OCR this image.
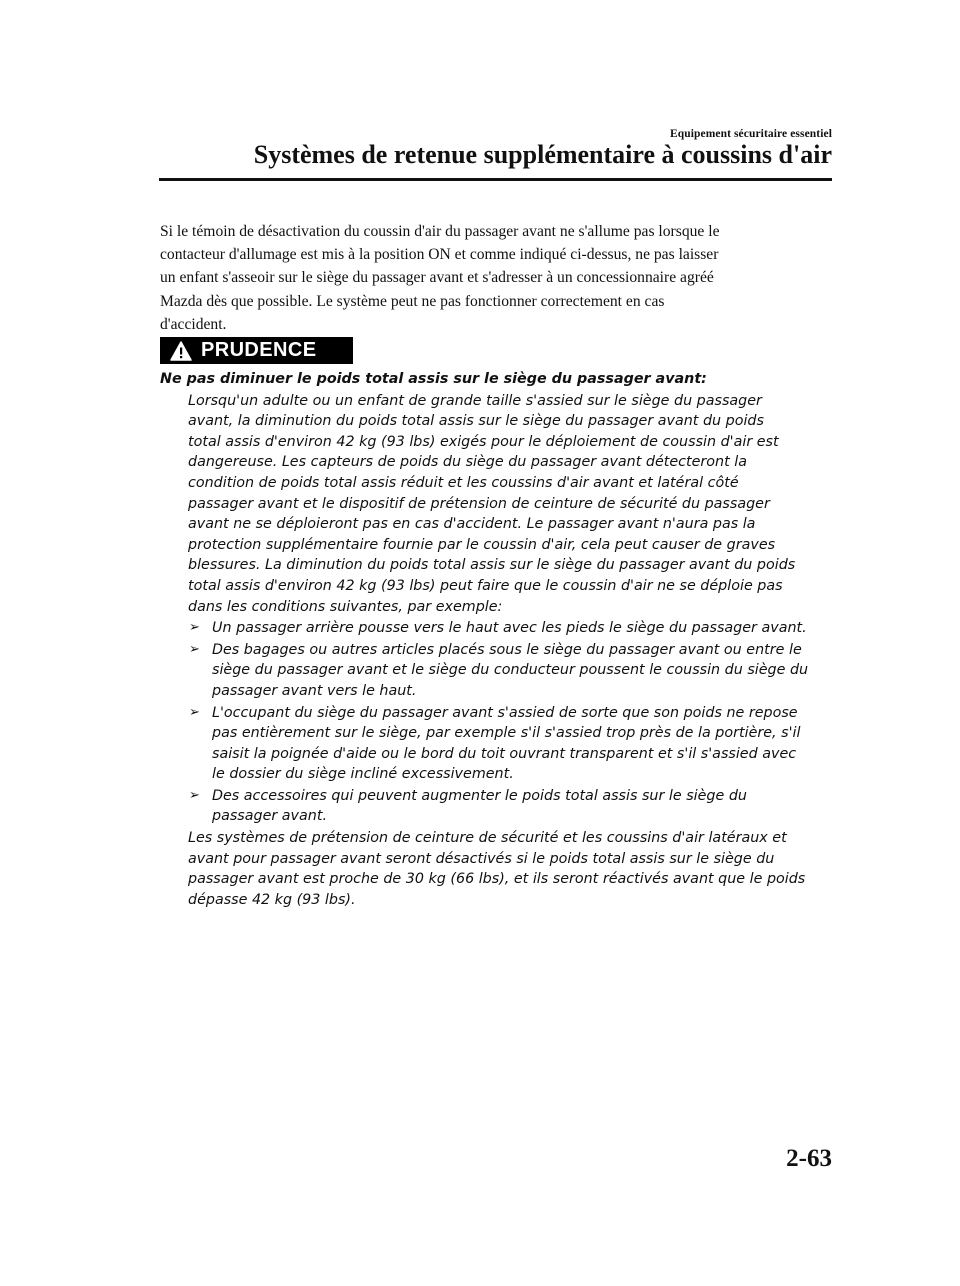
Equipement sécuritaire essentiel
Systèmes de retenue supplémentaire à coussins d'air
Si le témoin de désactivation du coussin d'air du passager avant ne s'allume pas lorsque le
contacteur d'allumage est mis à la position ON et comme indiqué ci-dessus, ne pas laisser
un enfant s'asseoir sur le siège du passager avant et s'adresser à un concessionnaire agréé
Mazda dès que possible. Le système peut ne pas fonctionner correctement en cas
d'accident.
PRUDENCE
Ne pas diminuer le poids total assis sur le siège du passager avant:
Lorsqu'un adulte ou un enfant de grande taille s'assied sur le siège du passager
avant, la diminution du poids total assis sur le siège du passager avant du poids
total assis d'environ 42 kg (93 lbs) exigés pour le déploiement de coussin d'air est
dangereuse. Les capteurs de poids du siège du passager avant détecteront la
condition de poids total assis réduit et les coussins d'air avant et latéral côté
passager avant et le dispositif de prétension de ceinture de sécurité du passager
avant ne se déploieront pas en cas d'accident. Le passager avant n'aura pas la
protection supplémentaire fournie par le coussin d'air, cela peut causer de graves
blessures. La diminution du poids total assis sur le siège du passager avant du poids
total assis d'environ 42 kg (93 lbs) peut faire que le coussin d'air ne se déploie pas
dans les conditions suivantes, par exemple:
➢ Un passager arrière pousse vers le haut avec les pieds le siège du passager avant.
➢ Des bagages ou autres articles placés sous le siège du passager avant ou entre le
siège du passager avant et le siège du conducteur poussent le coussin du siège du
passager avant vers le haut.
➢ L'occupant du siège du passager avant s'assied de sorte que son poids ne repose
pas entièrement sur le siège, par exemple s'il s'assied trop près de la portière, s'il
saisit la poignée d'aide ou le bord du toit ouvrant transparent et s'il s'assied avec
le dossier du siège incliné excessivement.
➢ Des accessoires qui peuvent augmenter le poids total assis sur le siège du
passager avant.
Les systèmes de prétension de ceinture de sécurité et les coussins d'air latéraux et
avant pour passager avant seront désactivés si le poids total assis sur le siège du
passager avant est proche de 30 kg (66 lbs), et ils seront réactivés avant que le poids
dépasse 42 kg (93 lbs).
2-63
